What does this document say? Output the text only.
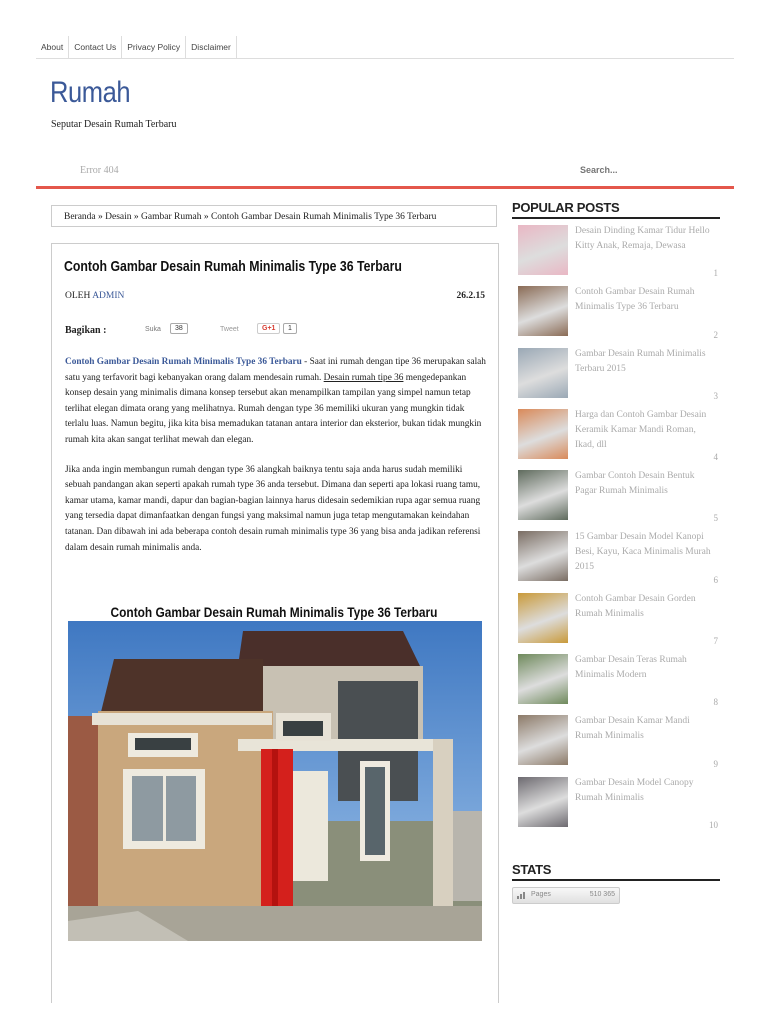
About	Contact Us	Privacy Policy	Disclaimer
Rumah
Seputar Desain Rumah Terbaru
Error 404
Search...
Beranda » Desain » Gambar Rumah » Contoh Gambar Desain Rumah Minimalis Type 36 Terbaru
Contoh Gambar Desain Rumah Minimalis Type 36 Terbaru
OLEH ADMIN	26.2.15
Bagikan :	Suka	38	Tweet	G+1	1

Contoh Gambar Desain Rumah Minimalis Type 36 Terbaru - Saat ini rumah dengan tipe 36 merupakan salah satu yang terfavorit bagi kebanyakan orang dalam mendesain rumah. Desain rumah tipe 36 mengedepankan konsep desain yang minimalis dimana konsep tersebut akan menampilkan tampilan yang simpel namun tetap terlihat elegan dimata orang yang melihatnya. Rumah dengan type 36 memiliki ukuran yang mungkin tidak terlalu luas. Namun begitu, jika kita bisa memadukan tatanan antara interior dan eksterior, bukan tidak mungkin rumah kita akan sangat terlihat mewah dan elegan.

Jika anda ingin membangun rumah dengan type 36 alangkah baiknya tentu saja anda harus sudah memiliki sebuah pandangan akan seperti apakah rumah type 36 anda tersebut. Dimana dan seperti apa lokasi ruang tamu, kamar utama, kamar mandi, dapur dan bagian-bagian lainnya harus didesain sedemikian rupa agar semua ruang yang tersedia dapat dimanfaatkan dengan fungsi yang maksimal namun juga tetap mengutamakan keindahan tatanan. Dan dibawah ini ada beberapa contoh desain rumah minimalis type 36 yang bisa anda jadikan referensi dalam desain rumah minimalis anda.

Contoh Gambar Desain Rumah Minimalis Type 36 Terbaru
POPULAR POSTS
Desain Dinding Kamar Tidur Hello Kitty Anak, Remaja, Dewasa
1
Contoh Gambar Desain Rumah Minimalis Type 36 Terbaru
2
Gambar Desain Rumah Minimalis Terbaru 2015
3
Harga dan Contoh Gambar Desain Keramik Kamar Mandi Roman, Ikad, dll
4
Gambar Contoh Desain Bentuk Pagar Rumah Minimalis
5
15 Gambar Desain Model Kanopi Besi, Kayu, Kaca Minimalis Murah 2015
6
Contoh Gambar Desain Gorden Rumah Minimalis
7
Gambar Desain Teras Rumah Minimalis Modern
8
Gambar Desain Kamar Mandi Rumah Minimalis
9
Gambar Desain Model Canopy Rumah Minimalis
10
STATS
Pages	510 365
